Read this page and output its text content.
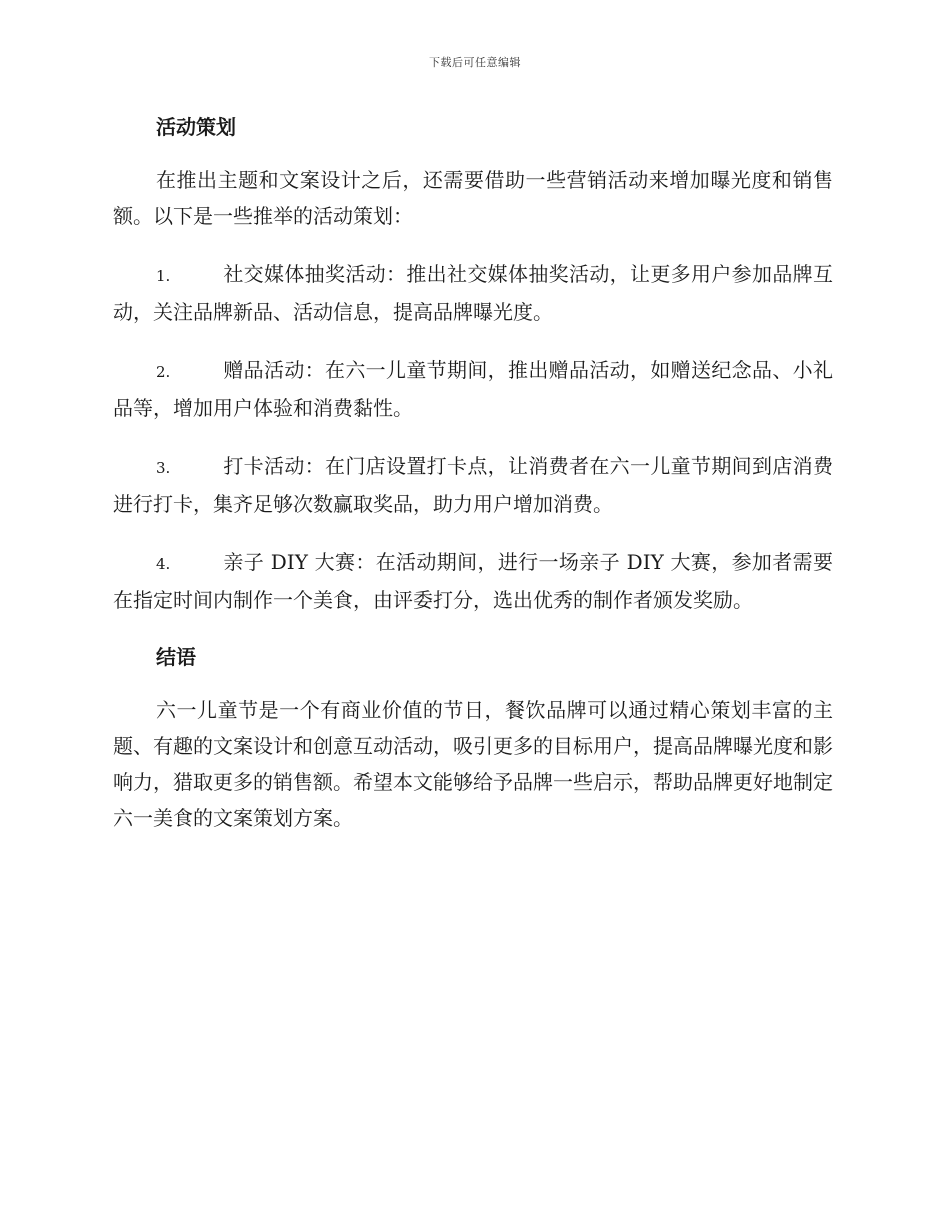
下载后可任意编辑
活动策划

在推出主题和文案设计之后，还需要借助一些营销活动来增加曝光度和销售额。以下是一些推举的活动策划：

1.	社交媒体抽奖活动：推出社交媒体抽奖活动，让更多用户参加品牌互动，关注品牌新品、活动信息，提高品牌曝光度。

2.	赠品活动：在六一儿童节期间，推出赠品活动，如赠送纪念品、小礼品等，增加用户体验和消费黏性。

3.	打卡活动：在门店设置打卡点，让消费者在六一儿童节期间到店消费进行打卡，集齐足够次数赢取奖品，助力用户增加消费。

4.	亲子 DIY 大赛：在活动期间，进行一场亲子 DIY 大赛，参加者需要在指定时间内制作一个美食，由评委打分，选出优秀的制作者颁发奖励。

结语

六一儿童节是一个有商业价值的节日，餐饮品牌可以通过精心策划丰富的主题、有趣的文案设计和创意互动活动，吸引更多的目标用户，提高品牌曝光度和影响力，猎取更多的销售额。希望本文能够给予品牌一些启示，帮助品牌更好地制定六一美食的文案策划方案。
